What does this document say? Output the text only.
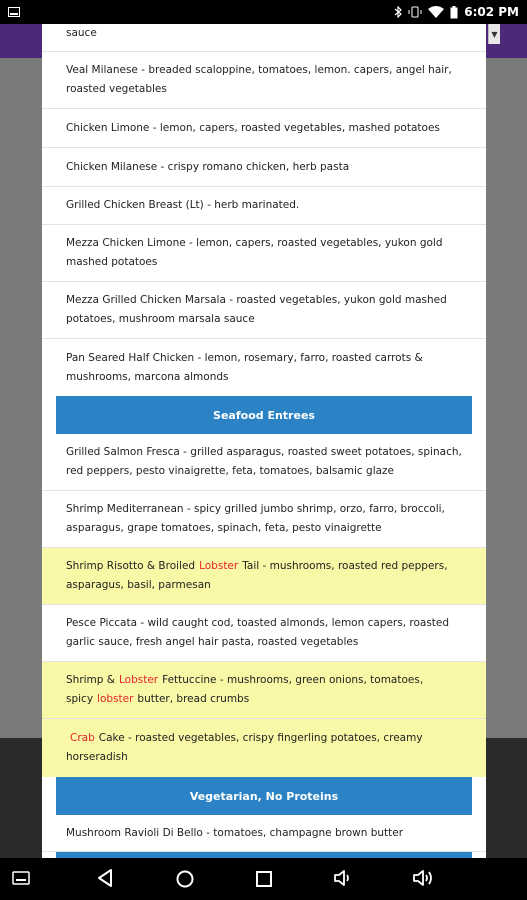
6:02 PM
▼
sauce
Veal Milanese - breaded scaloppine, tomatoes, lemon. capers, angel hair, roasted vegetables
Chicken Limone - lemon, capers, roasted vegetables, mashed potatoes
Chicken Milanese - crispy romano chicken, herb pasta
Grilled Chicken Breast (Lt) - herb marinated.
Mezza Chicken Limone - lemon, capers, roasted vegetables, yukon gold mashed potatoes
Mezza Grilled Chicken Marsala - roasted vegetables, yukon gold mashed potatoes, mushroom marsala sauce
Pan Seared Half Chicken - lemon, rosemary, farro, roasted carrots & mushrooms, marcona almonds
Seafood Entrees
Grilled Salmon Fresca - grilled asparagus, roasted sweet potatoes, spinach, red peppers, pesto vinaigrette, feta, tomatoes, balsamic glaze
Shrimp Mediterranean - spicy grilled jumbo shrimp, orzo, farro, broccoli, asparagus, grape tomatoes, spinach, feta, pesto vinaigrette
Shrimp Risotto & Broiled Lobster Tail - mushrooms, roasted red peppers, asparagus, basil, parmesan
Pesce Piccata - wild caught cod, toasted almonds, lemon capers, roasted garlic sauce, fresh angel hair pasta, roasted vegetables
Shrimp & Lobster Fettuccine - mushrooms, green onions, tomatoes, spicy lobster butter, bread crumbs
Crab Cake - roasted vegetables, crispy fingerling potatoes, creamy horseradish
Vegetarian, No Proteins
Mushroom Ravioli Di Bello - tomatoes, champagne brown butter
